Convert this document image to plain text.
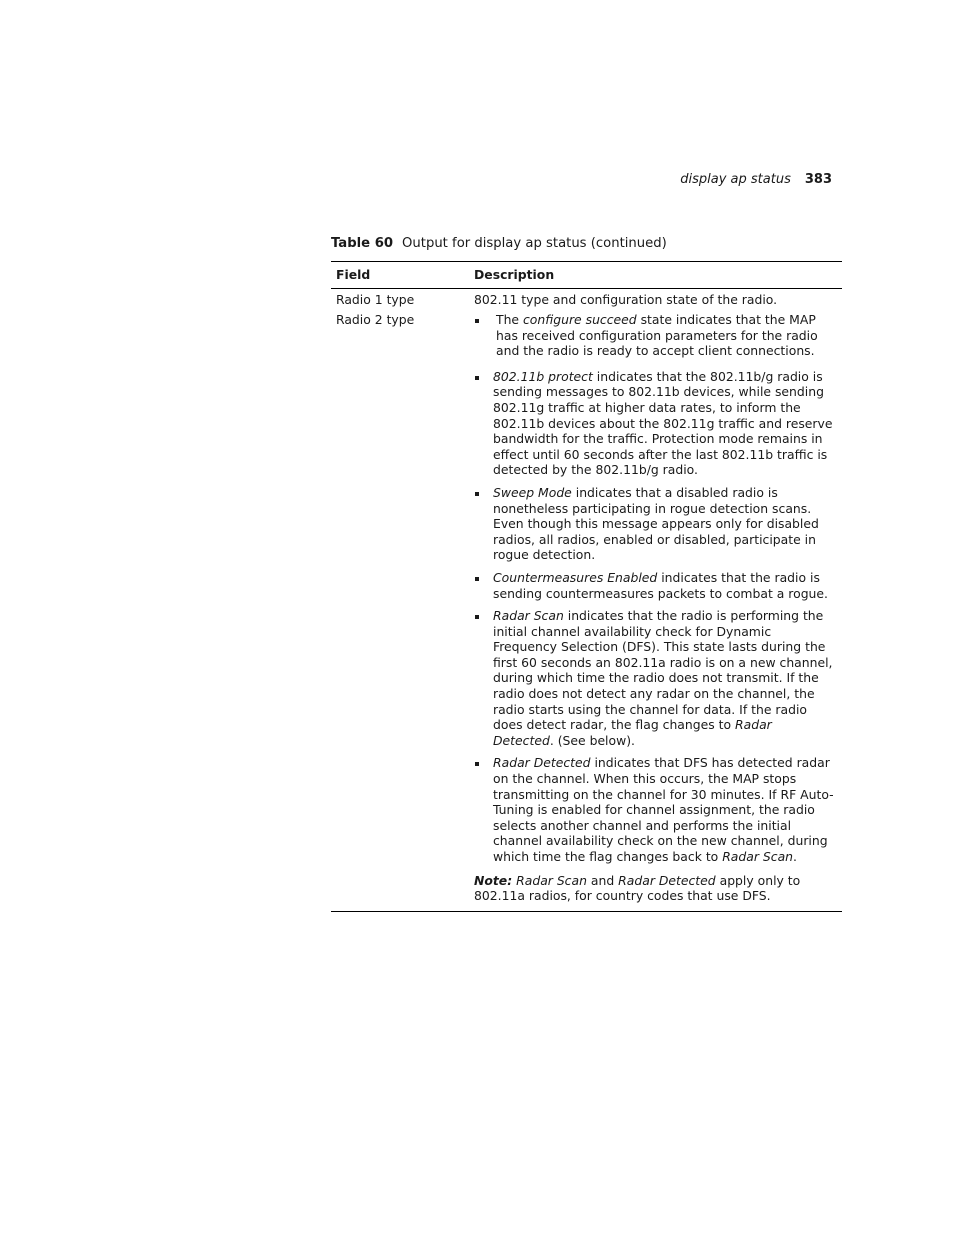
display ap status 383
Table 60 Output for display ap status (continued)
Field	Description
Radio 1 type	802.11 type and configuration state of the radio.
Radio 2 type	The configure succeed state indicates that the MAP has received configuration parameters for the radio and the radio is ready to accept client connections.
802.11b protect indicates that the 802.11b/g radio is sending messages to 802.11b devices, while sending 802.11g traffic at higher data rates, to inform the 802.11b devices about the 802.11g traffic and reserve bandwidth for the traffic. Protection mode remains in effect until 60 seconds after the last 802.11b traffic is detected by the 802.11b/g radio.
Sweep Mode indicates that a disabled radio is nonetheless participating in rogue detection scans. Even though this message appears only for disabled radios, all radios, enabled or disabled, participate in rogue detection.
Countermeasures Enabled indicates that the radio is sending countermeasures packets to combat a rogue.
Radar Scan indicates that the radio is performing the initial channel availability check for Dynamic Frequency Selection (DFS). This state lasts during the first 60 seconds an 802.11a radio is on a new channel, during which time the radio does not transmit. If the radio does not detect any radar on the channel, the radio starts using the channel for data. If the radio does detect radar, the flag changes to Radar Detected. (See below).
Radar Detected indicates that DFS has detected radar on the channel. When this occurs, the MAP stops transmitting on the channel for 30 minutes. If RF Auto-Tuning is enabled for channel assignment, the radio selects another channel and performs the initial channel availability check on the new channel, during which time the flag changes back to Radar Scan.
Note: Radar Scan and Radar Detected apply only to 802.11a radios, for country codes that use DFS.
